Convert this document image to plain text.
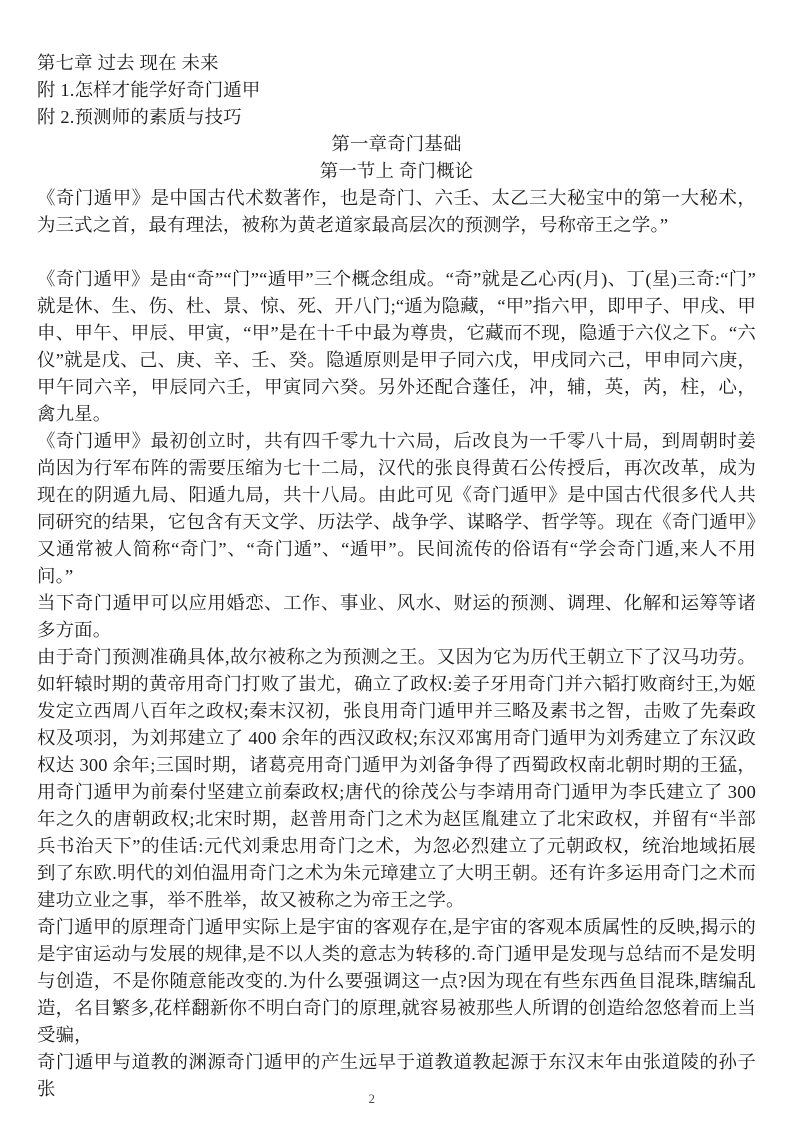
第七章 过去 现在 未来
附 1.怎样才能学好奇门遁甲
附 2.预测师的素质与技巧
第一章奇门基础
第一节上 奇门概论

《奇门遁甲》是中国古代术数著作，也是奇门、六壬、太乙三大秘宝中的第一大秘术，为三式之首，最有理法，被称为黄老道家最高层次的预测学，号称帝王之学。”

《奇门遁甲》是由“奇”“门”“遁甲”三个概念组成。“奇”就是乙心丙(月)、丁(星)三奇:“门”就是休、生、伤、杜、景、惊、死、开八门;“遁为隐藏，“甲”指六甲，即甲子、甲戌、甲申、甲午、甲辰、甲寅，“甲”是在十千中最为尊贵，它藏而不现，隐遁于六仪之下。“六仪”就是戊、己、庚、辛、壬、癸。隐遁原则是甲子同六戊，甲戌同六己，甲申同六庚，甲午同六辛，甲辰同六壬，甲寅同六癸。另外还配合蓬任，冲，辅，英，芮，柱，心，禽九星。

《奇门遁甲》最初创立时，共有四千零九十六局，后改良为一千零八十局，到周朝时姜尚因为行军布阵的需要压缩为七十二局，汉代的张良得黄石公传授后，再次改革，成为现在的阴遁九局、阳遁九局，共十八局。由此可见《奇门遁甲》是中国古代很多代人共同研究的结果，它包含有天文学、历法学、战争学、谋略学、哲学等。现在《奇门遁甲》又通常被人简称“奇门”、“奇门遁”、“遁甲”。民间流传的俗语有“学会奇门遁,来人不用问。”

当下奇门遁甲可以应用婚恋、工作、事业、风水、财运的预测、调理、化解和运筹等诸多方面。

由于奇门预测准确具体,故尔被称之为预测之王。又因为它为历代王朝立下了汉马功劳。如轩辕时期的黄帝用奇门打败了蚩尤，确立了政权:姜子牙用奇门并六韬打败商纣王,为姬发定立西周八百年之政权;秦末汉初，张良用奇门遁甲并三略及素书之智，击败了先秦政权及项羽，为刘邦建立了 400 余年的西汉政权;东汉邓寓用奇门遁甲为刘秀建立了东汉政权达 300 余年;三国时期，诸葛亮用奇门遁甲为刘备争得了西蜀政权南北朝时期的王猛，用奇门遁甲为前秦付坚建立前秦政权;唐代的徐茂公与李靖用奇门遁甲为李氏建立了 300 年之久的唐朝政权;北宋时期，赵普用奇门之术为赵匡胤建立了北宋政权，并留有“半部兵书治天下”的佳话:元代刘秉忠用奇门之术，为忽必烈建立了元朝政权，统治地域拓展到了东欧.明代的刘伯温用奇门之术为朱元璋建立了大明王朝。还有许多运用奇门之术而建功立业之事，举不胜举，故又被称之为帝王之学。

奇门遁甲的原理奇门遁甲实际上是宇宙的客观存在,是宇宙的客观本质属性的反映,揭示的是宇宙运动与发展的规律,是不以人类的意志为转移的.奇门遁甲是发现与总结而不是发明与创造，不是你随意能改变的.为什么要强调这一点?因为现在有些东西鱼目混珠,瞎编乱造，名目繁多,花样翻新你不明白奇门的原理,就容易被那些人所谓的创造给忽悠着而上当受骗，

奇门遁甲与道教的渊源奇门遁甲的产生远早于道教道教起源于东汉末年由张道陵的孙子张	2
